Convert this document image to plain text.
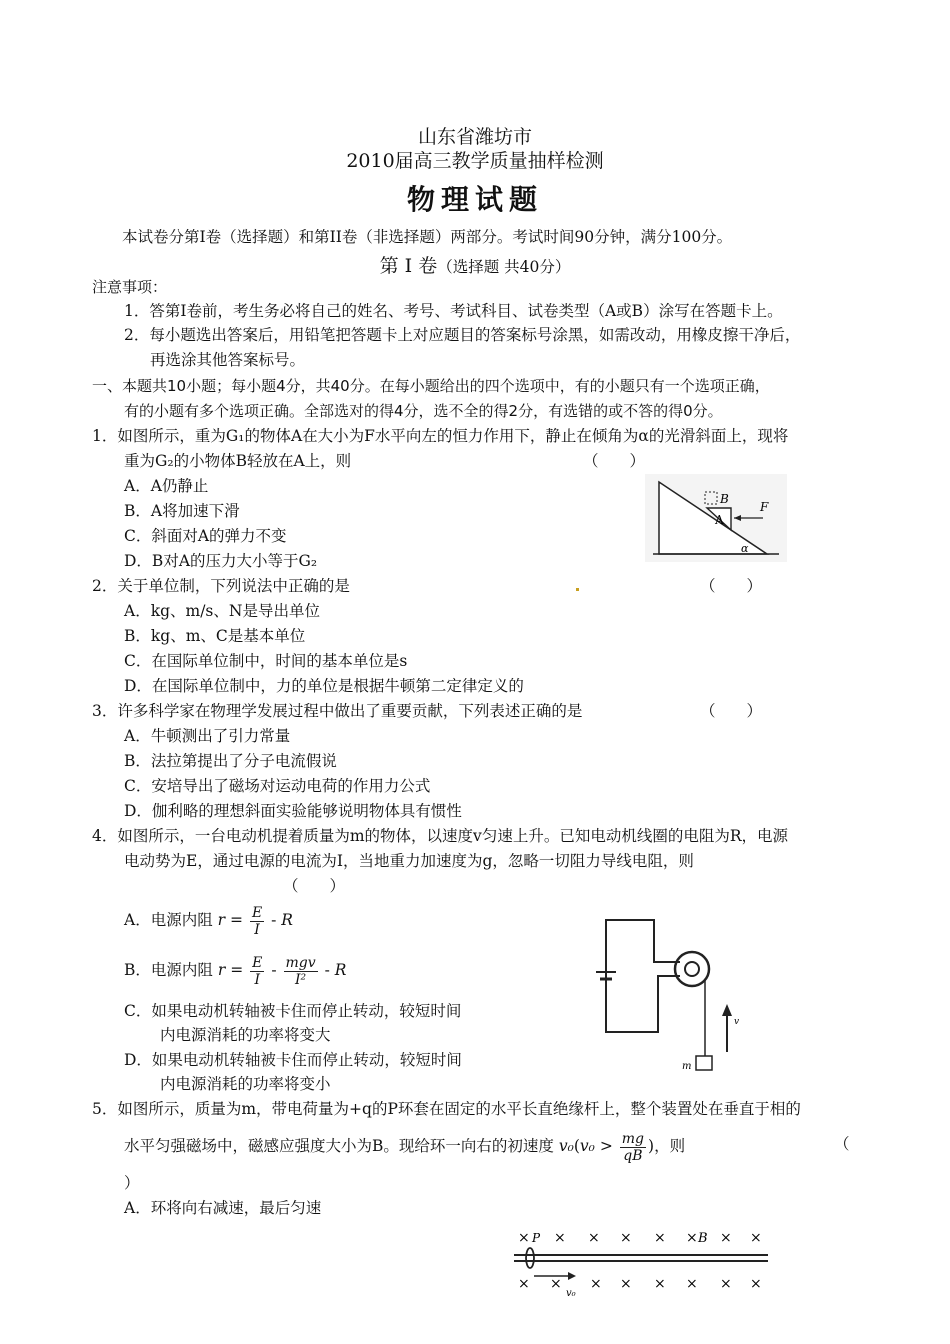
山东省潍坊市
2010届高三教学质量抽样检测
物理试题
本试卷分第I卷（选择题）和第II卷（非选择题）两部分。考试时间90分钟，满分100分。
第 I 卷（选择题 共40分）
注意事项：
1．答第I卷前，考生务必将自己的姓名、考号、考试科目、试卷类型（A或B）涂写在答题卡上。
2．每小题选出答案后，用铅笔把答题卡上对应题目的答案标号涂黑，如需改动，用橡皮擦干净后，
再选涂其他答案标号。
一、本题共10小题；每小题4分，共40分。在每小题给出的四个选项中，有的小题只有一个选项正确，
有的小题有多个选项正确。全部选对的得4分，选不全的得2分，有选错的或不答的得0分。
1．如图所示，重为G₁的物体A在大小为F水平向左的恒力作用下，静止在倾角为α的光滑斜面上，现将
重为G₂的小物体B轻放在A上，则	（　　）
A．A仍静止
B．A将加速下滑
C．斜面对A的弹力不变
D．B对A的压力大小等于G₂
B
A
F
α
2．关于单位制，下列说法中正确的是	（　　）
A．kg、m/s、N是导出单位
B．kg、m、C是基本单位
C．在国际单位制中，时间的基本单位是s
D．在国际单位制中，力的单位是根据牛顿第二定律定义的
3．许多科学家在物理学发展过程中做出了重要贡献，下列表述正确的是	（　　）
A．牛顿测出了引力常量
B．法拉第提出了分子电流假说
C．安培导出了磁场对运动电荷的作用力公式
D．伽利略的理想斜面实验能够说明物体具有惯性
4．如图所示，一台电动机提着质量为m的物体，以速度v匀速上升。已知电动机线圈的电阻为R，电源
电动势为E，通过电源的电流为I，当地重力加速度为g，忽略一切阻力导线电阻，则
（　　）
A．电源内阻 $r = \frac{E}{I} - R$
B．电源内阻 $r = \frac{E}{I} - \frac{\text{mgv}}{\text{I²}} - R$
C．如果电动机转轴被卡住而停止转动，较短时间
内电源消耗的功率将变大
D．如果电动机转轴被卡住而停止转动，较短时间
内电源消耗的功率将变小
m
v
5．如图所示，质量为m，带电荷量为+q的P环套在固定的水平长直绝缘杆上，整个装置处在垂直于相的
水平匀强磁场中，磁感应强度大小为B。现给环一向右的初速度 $v_0(v_0 > \frac{mg}{qB}$ )，则	（
）
A．环将向右减速，最后匀速
× × × × × × × ×
× × × × × × × ×
P	B
v₀
